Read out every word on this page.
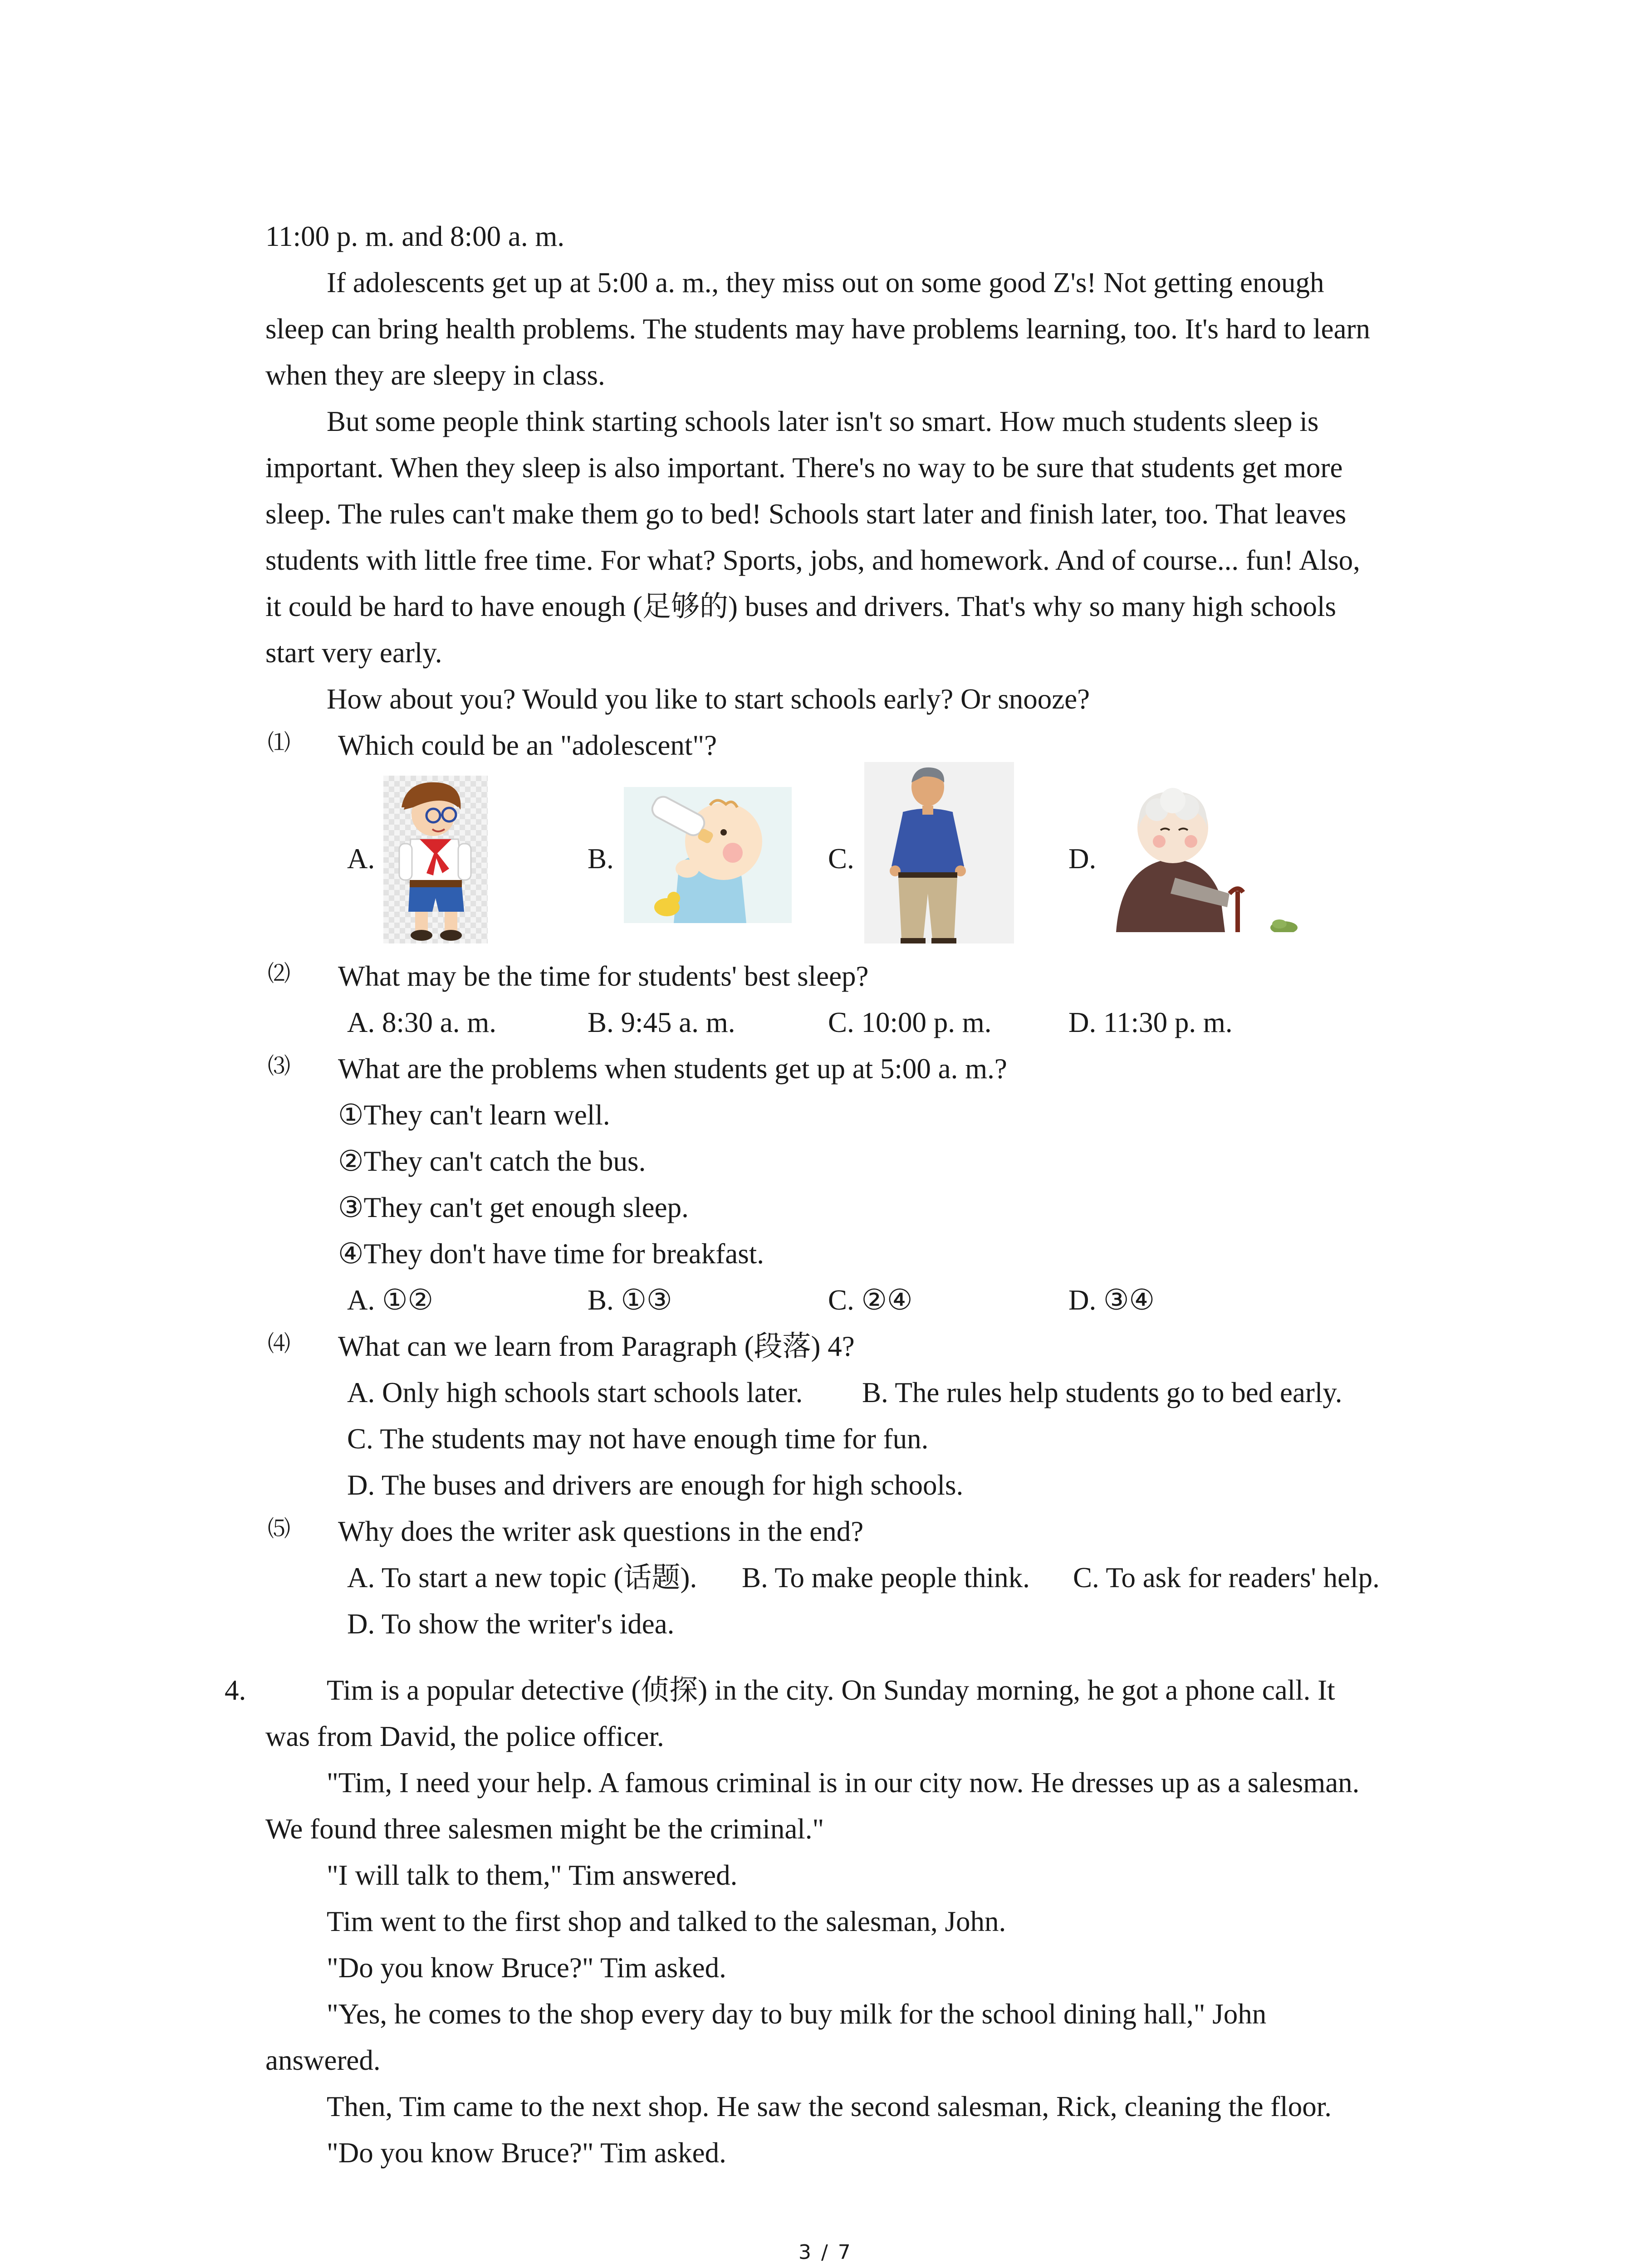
11:00 p. m. and 8:00 a. m.
If adolescents get up at 5:00 a. m., they miss out on some good Z's! Not getting enough
sleep can bring health problems. The students may have problems learning, too. It's hard to learn
when they are sleepy in class.
But some people think starting schools later isn't so smart. How much students sleep is
important. When they sleep is also important. There's no way to be sure that students get more
sleep. The rules can't make them go to bed! Schools start later and finish later, too. That leaves
students with little free time. For what? Sports, jobs, and homework. And of course... fun! Also,
it could be hard to have enough (足够的) buses and drivers. That's why so many high schools
start very early.
How about you? Would you like to start schools early? Or snooze?
⑴ Which could be an "adolescent"?
A.	B.	C.	D.
⑵ What may be the time for students' best sleep?
A. 8:30 a. m.	B. 9:45 a. m.	C. 10:00 p. m.	D. 11:30 p. m.
⑶ What are the problems when students get up at 5:00 a. m.?
①They can't learn well.
②They can't catch the bus.
③They can't get enough sleep.
④They don't have time for breakfast.
A. ①②	B. ①③	C. ②④	D. ③④
⑷ What can we learn from Paragraph (段落) 4?
A. Only high schools start schools later. B. The rules help students go to bed early.
C. The students may not have enough time for fun.
D. The buses and drivers are enough for high schools.
⑸ Why does the writer ask questions in the end?
A. To start a new topic (话题). B. To make people think. C. To ask for readers' help.
D. To show the writer's idea.
4.	Tim is a popular detective (侦探) in the city. On Sunday morning, he got a phone call. It
was from David, the police officer.
"Tim, I need your help. A famous criminal is in our city now. He dresses up as a salesman.
We found three salesmen might be the criminal."
"I will talk to them," Tim answered.
Tim went to the first shop and talked to the salesman, John.
"Do you know Bruce?" Tim asked.
"Yes, he comes to the shop every day to buy milk for the school dining hall," John
answered.
Then, Tim came to the next shop. He saw the second salesman, Rick, cleaning the floor.
"Do you know Bruce?" Tim asked.
3 / 7
